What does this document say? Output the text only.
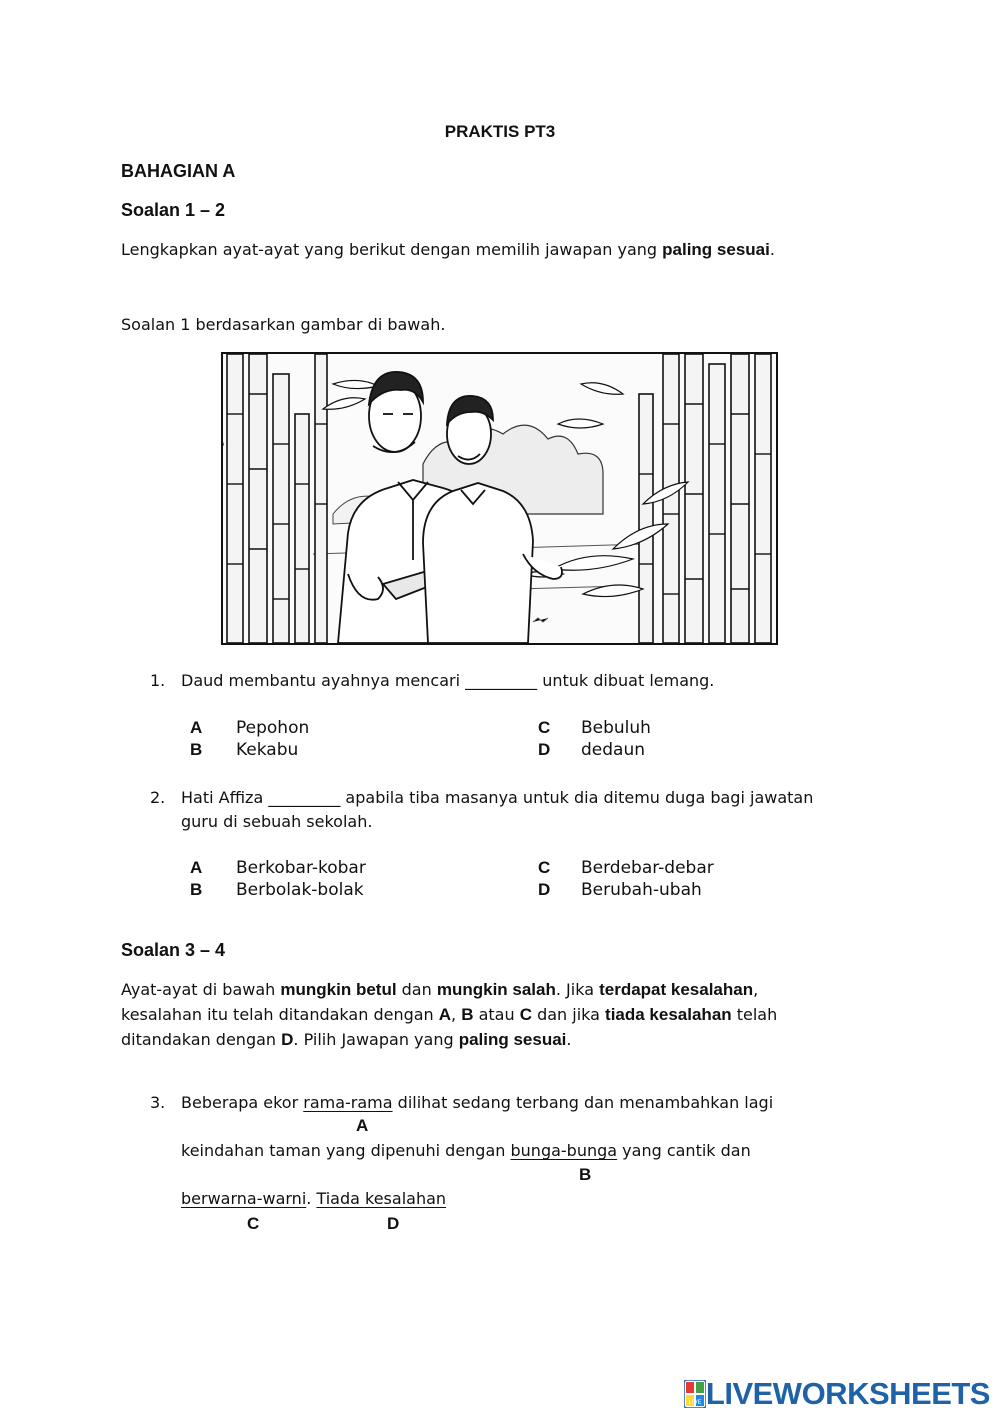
PRAKTIS PT3
BAHAGIAN A
Soalan 1 – 2
Lengkapkan ayat-ayat yang berikut dengan memilih jawapan yang paling sesuai.
Soalan 1 berdasarkan gambar di bawah.
1. Daud membantu ayahnya mencari _________ untuk dibuat lemang.
A Pepohon
B Kekabu
C Bebuluh
D dedaun
2. Hati Affiza _________ apabila tiba masanya untuk dia ditemu duga bagi jawatan
guru di sebuah sekolah.
A Berkobar-kobar
B Berbolak-bolak
C Berdebar-debar
D Berubah-ubah
Soalan 3 – 4
Ayat-ayat di bawah mungkin betul dan mungkin salah. Jika terdapat kesalahan,
kesalahan itu telah ditandakan dengan A, B atau C dan jika tiada kesalahan telah
ditandakan dengan D. Pilih Jawapan yang paling sesuai.
3. Beberapa ekor rama-rama dilihat sedang terbang dan menambahkan lagi
A
keindahan taman yang dipenuhi dengan bunga-bunga yang cantik dan
B
berwarna-warni. Tiada kesalahan
C	D
LIVE LIVEWORKSHEETS
